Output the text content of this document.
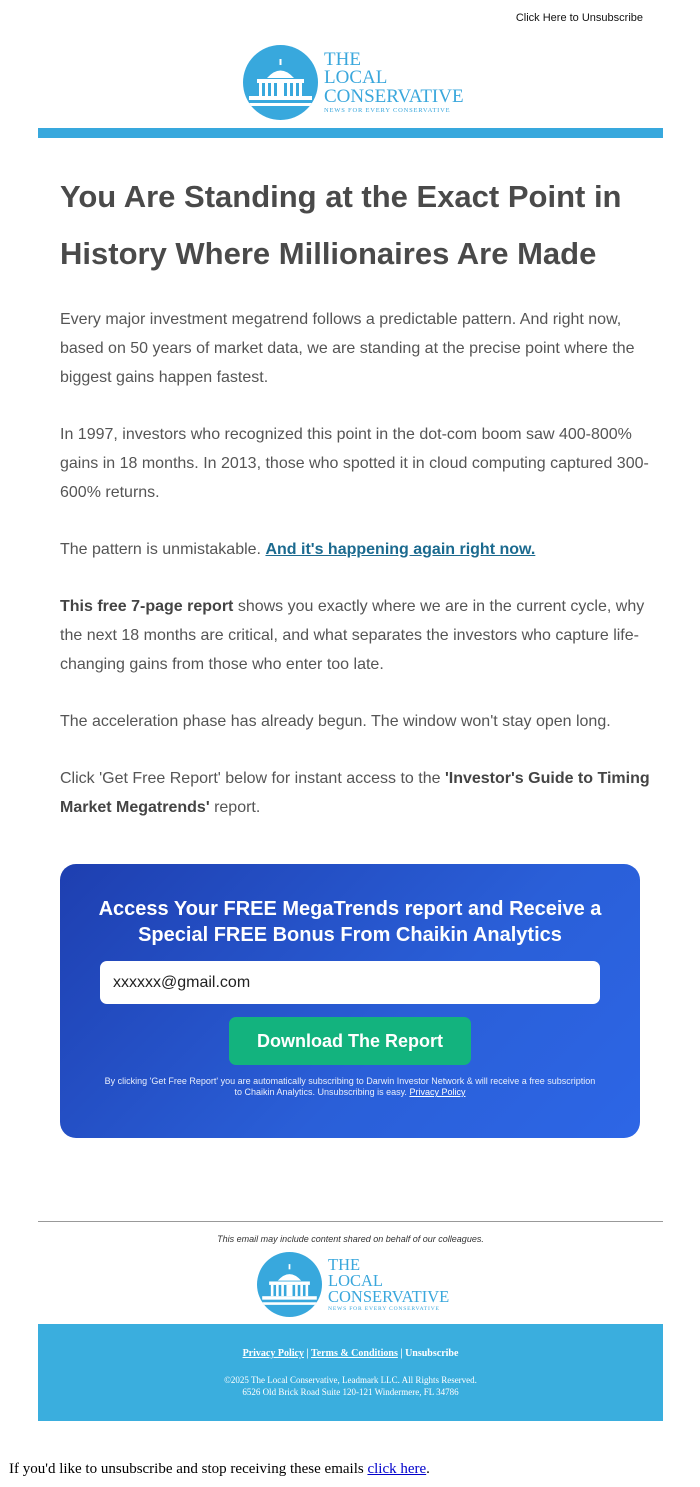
Click Here to Unsubscribe
THE
LOCAL
CONSERVATIVE
NEWS FOR EVERY CONSERVATIVE
You Are Standing at the Exact Point in History Where Millionaires Are Made

Every major investment megatrend follows a predictable pattern. And right now, based on 50 years of market data, we are standing at the precise point where the biggest gains happen fastest.

In 1997, investors who recognized this point in the dot-com boom saw 400-800% gains in 18 months. In 2013, those who spotted it in cloud computing captured 300-600% returns.

The pattern is unmistakable. And it's happening again right now.

This free 7-page report shows you exactly where we are in the current cycle, why the next 18 months are critical, and what separates the investors who capture life-changing gains from those who enter too late.

The acceleration phase has already begun. The window won't stay open long.

Click 'Get Free Report' below for instant access to the 'Investor's Guide to Timing Market Megatrends' report.

Access Your FREE MegaTrends report and Receive a Special FREE Bonus From Chaikin Analytics

xxxxxx@gmail.com
Download The Report

By clicking 'Get Free Report' you are automatically subscribing to Darwin Investor Network & will receive a free subscription to Chaikin Analytics. Unsubscribing is easy. Privacy Policy

This email may include content shared on behalf of our colleagues.
THE
LOCAL
CONSERVATIVE
NEWS FOR EVERY CONSERVATIVE
Privacy Policy | Terms & Conditions | Unsubscribe
©2025 The Local Conservative, Leadmark LLC. All Rights Reserved.
6526 Old Brick Road Suite 120-121 Windermere, FL 34786
If you'd like to unsubscribe and stop receiving these emails click here.
